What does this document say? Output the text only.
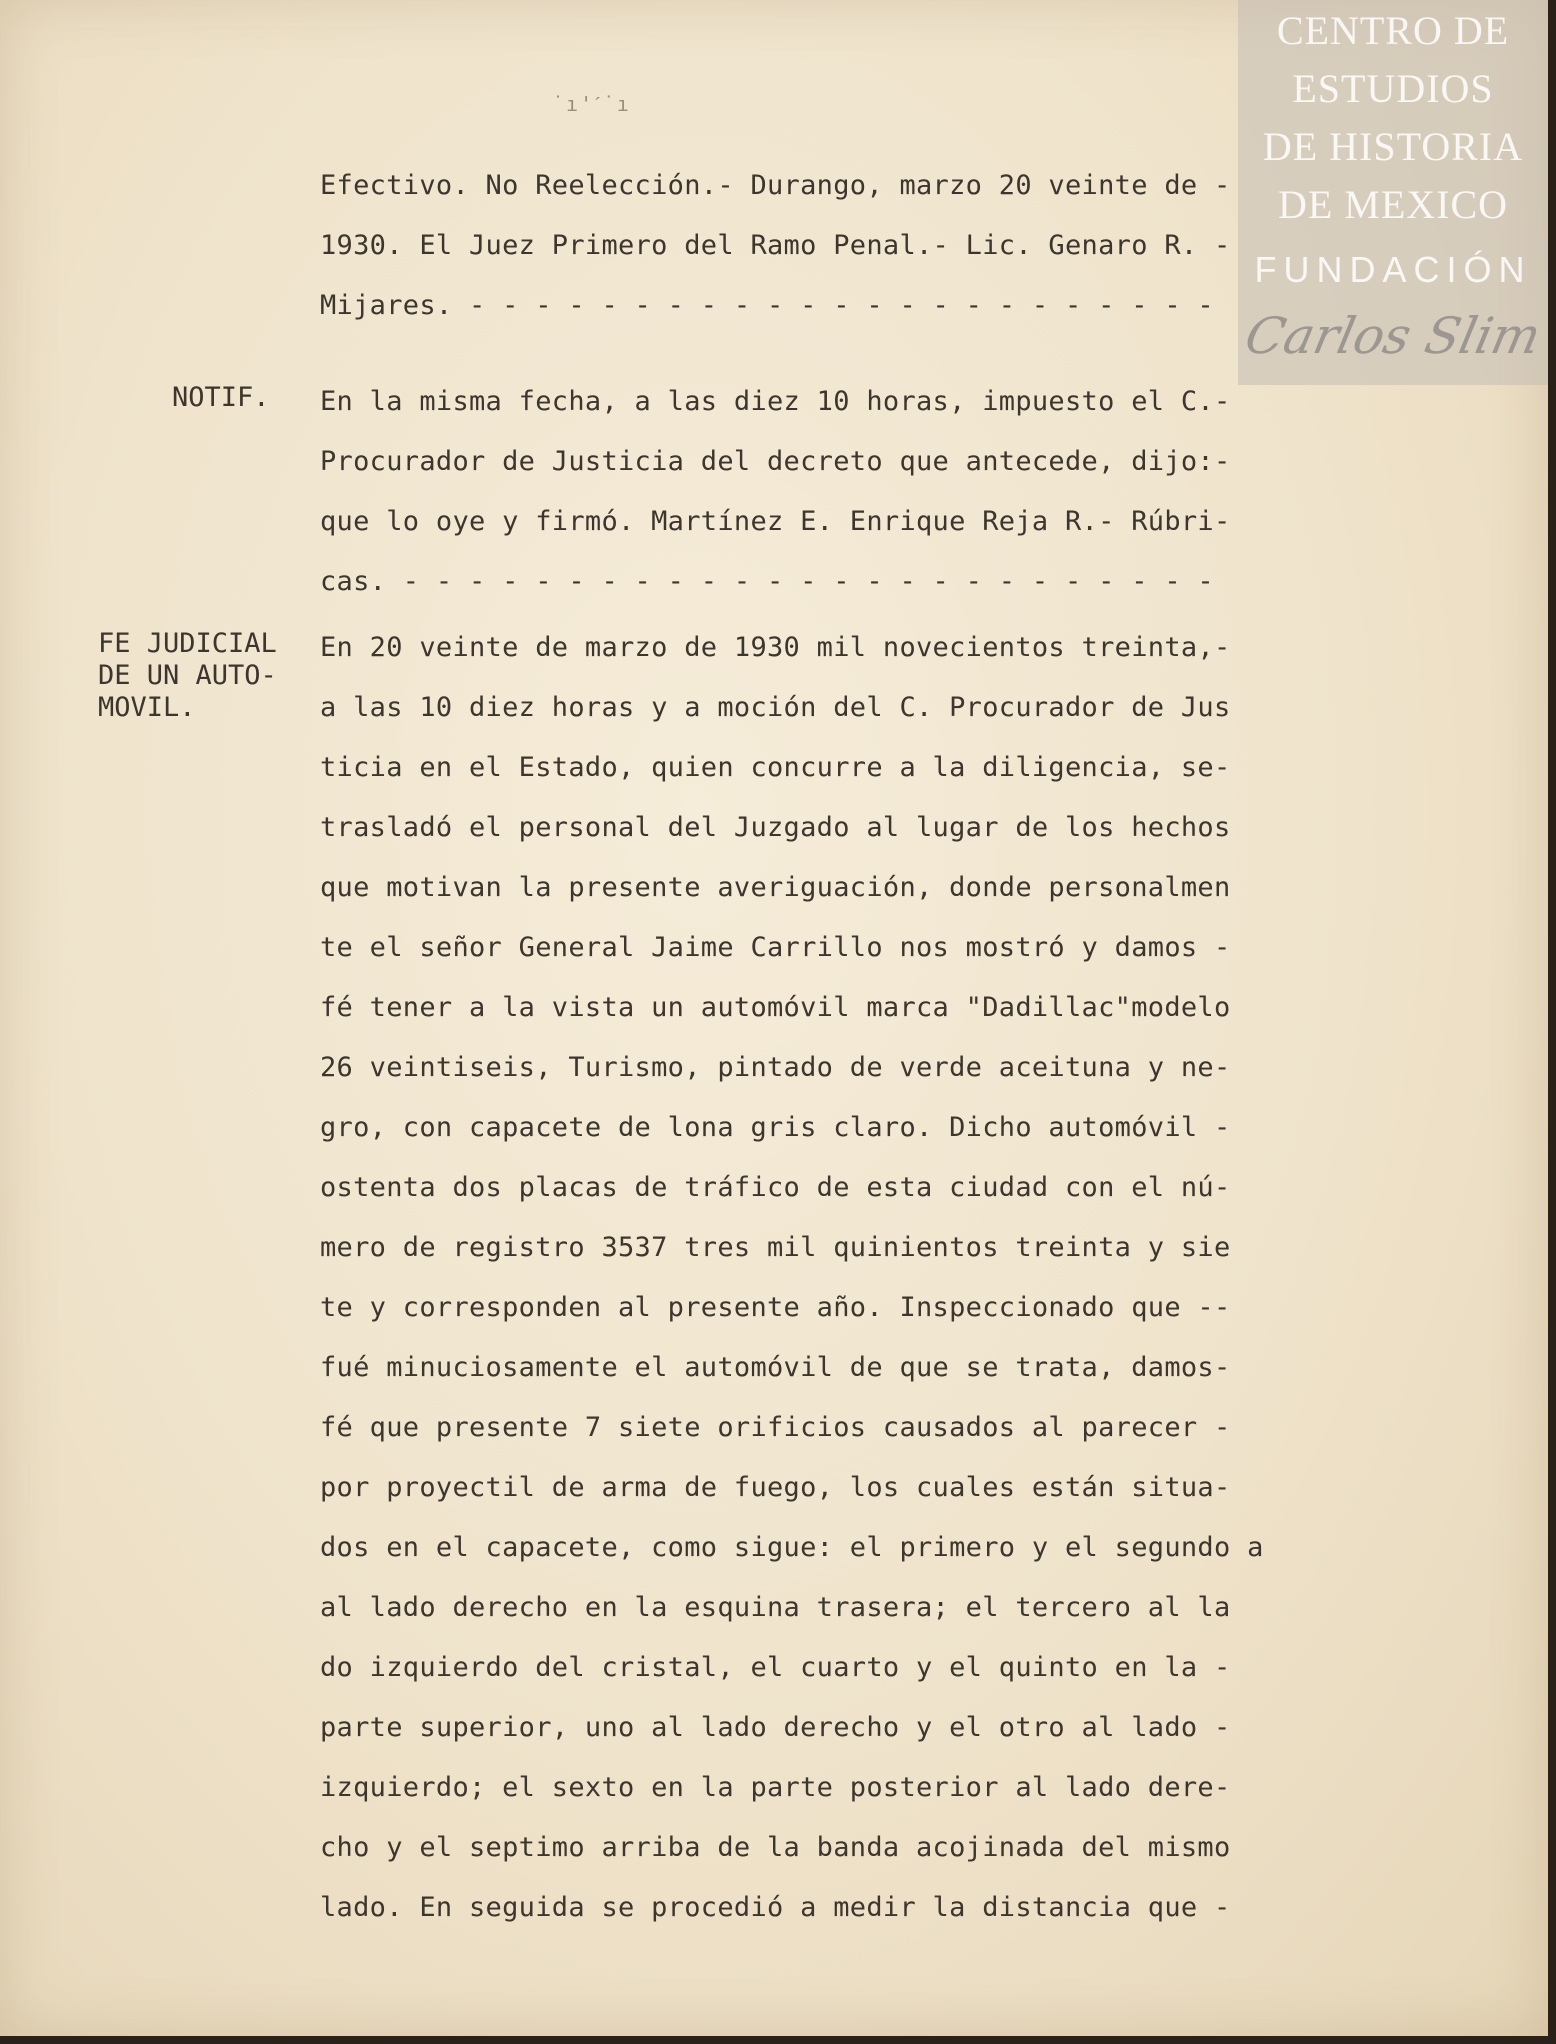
CENTRO DE
ESTUDIOS
DE HISTORIA
DE MEXICO
FUNDACIÓN
Carlos Slim
˙ı'ˊ˙ı
NOTIF.
FE JUDICIAL
DE UN AUTO-
MOVIL.
Efectivo. No Reelección.- Durango, marzo 20 veinte de -
1930. El Juez Primero del Ramo Penal.- Lic. Genaro R. -
Mijares. - - - - - - - - - - - - - - - - - - - - - - -
En la misma fecha, a las diez 10 horas, impuesto el C.-
Procurador de Justicia del decreto que antecede, dijo:-
que lo oye y firmó. Martínez E. Enrique Reja R.- Rúbri-
cas. - - - - - - - - - - - - - - - - - - - - - - - - -
En 20 veinte de marzo de 1930 mil novecientos treinta,-
a las 10 diez horas y a moción del C. Procurador de Jus
ticia en el Estado, quien concurre a la diligencia, se-
trasladó el personal del Juzgado al lugar de los hechos
que motivan la presente averiguación, donde personalmen
te el señor General Jaime Carrillo nos mostró y damos -
fé tener a la vista un automóvil marca "Dadillac"modelo
26 veintiseis, Turismo, pintado de verde aceituna y ne-
gro, con capacete de lona gris claro. Dicho automóvil -
ostenta dos placas de tráfico de esta ciudad con el nú-
mero de registro 3537 tres mil quinientos treinta y sie
te y corresponden al presente año. Inspeccionado que --
fué minuciosamente el automóvil de que se trata, damos-
fé que presente 7 siete orificios causados al parecer -
por proyectil de arma de fuego, los cuales están situa-
dos en el capacete, como sigue: el primero y el segundo a
al lado derecho en la esquina trasera; el tercero al la
do izquierdo del cristal, el cuarto y el quinto en la -
parte superior, uno al lado derecho y el otro al lado -
izquierdo; el sexto en la parte posterior al lado dere-
cho y el septimo arriba de la banda acojinada del mismo
lado. En seguida se procedió a medir la distancia que -
